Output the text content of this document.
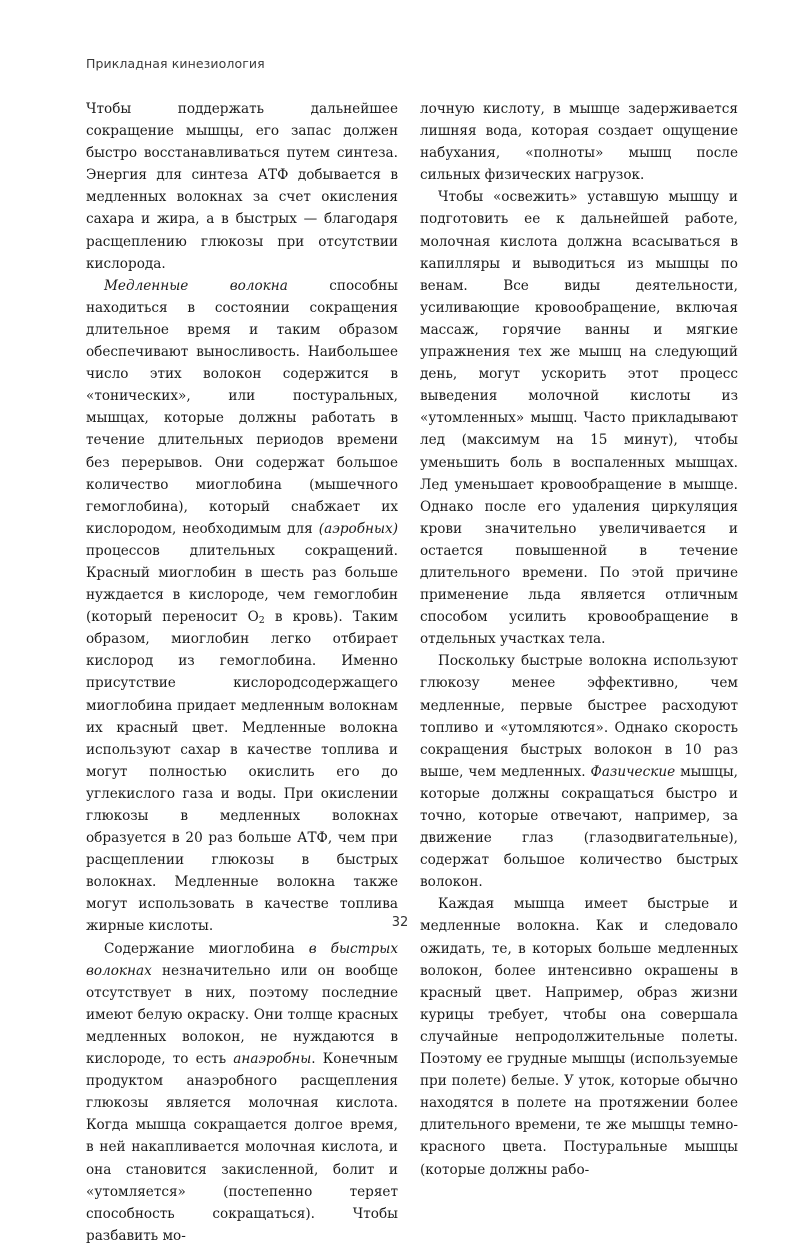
Прикладная кинезиология

Чтобы поддержать дальнейшее сокращение мышцы, его запас должен быстро восстанавливаться путем синтеза. Энергия для синтеза АТФ добывается в медленных волокнах за счет окисления сахара и жира, а в быстрых — благодаря расщеплению глюкозы при отсутствии кислорода.

Медленные волокна способны находиться в состоянии сокращения длительное время и таким образом обеспечивают выносливость. Наибольшее число этих волокон содержится в «тонических», или постуральных, мышцах, которые должны работать в течение длительных периодов времени без перерывов. Они содержат большое количество миоглобина (мышечного гемоглобина), который снабжает их кислородом, необходимым для (аэробных) процессов длительных сокращений. Красный миоглобин в шесть раз больше нуждается в кислороде, чем гемоглобин (который переносит $О_2$ в кровь). Таким образом, миоглобин легко отбирает кислород из гемоглобина. Именно присутствие кислородсодержащего миоглобина придает медленным волокнам их красный цвет. Медленные волокна используют сахар в качестве топлива и могут полностью окислить его до углекислого газа и воды. При окислении глюкозы в медленных волокнах образуется в 20 раз больше АТФ, чем при расщеплении глюкозы в быстрых волокнах. Медленные волокна также могут использовать в качестве топлива жирные кислоты.

Содержание миоглобина в быстрых волокнах незначительно или он вообще отсутствует в них, поэтому последние имеют белую окраску. Они толще красных медленных волокон, не нуждаются в кислороде, то есть анаэробны. Конечным продуктом анаэробного расщепления глюкозы является молочная кислота. Когда мышца сокращается долгое время, в ней накапливается молочная кислота, и она становится закисленной, болит и «утомляется» (постепенно теряет способность сокращаться). Чтобы разбавить мо-

лочную кислоту, в мышце задерживается лишняя вода, которая создает ощущение набухания, «полноты» мышц после сильных физических нагрузок.

Чтобы «освежить» уставшую мышцу и подготовить ее к дальнейшей работе, молочная кислота должна всасываться в капилляры и выводиться из мышцы по венам. Все виды деятельности, усиливающие кровообращение, включая массаж, горячие ванны и мягкие упражнения тех же мышц на следующий день, могут ускорить этот процесс выведения молочной кислоты из «утомленных» мышц. Часто прикладывают лед (максимум на 15 минут), чтобы уменьшить боль в воспаленных мышцах. Лед уменьшает кровообращение в мышце. Однако после его удаления циркуляция крови значительно увеличивается и остается повышенной в течение длительного времени. По этой причине применение льда является отличным способом усилить кровообращение в отдельных участках тела.

Поскольку быстрые волокна используют глюкозу менее эффективно, чем медленные, первые быстрее расходуют топливо и «утомляются». Однако скорость сокращения быстрых волокон в 10 раз выше, чем медленных. Фазические мышцы, которые должны сокращаться быстро и точно, которые отвечают, например, за движение глаз (глазодвигательные), содержат большое количество быстрых волокон.

Каждая мышца имеет быстрые и медленные волокна. Как и следовало ожидать, те, в которых больше медленных волокон, более интенсивно окрашены в красный цвет. Например, образ жизни курицы требует, чтобы она совершала случайные непродолжительные полеты. Поэтому ее грудные мышцы (используемые при полете) белые. У уток, которые обычно находятся в полете на протяжении более длительного времени, те же мышцы темно-красного цвета. Постуральные мышцы (которые должны рабо-

32
